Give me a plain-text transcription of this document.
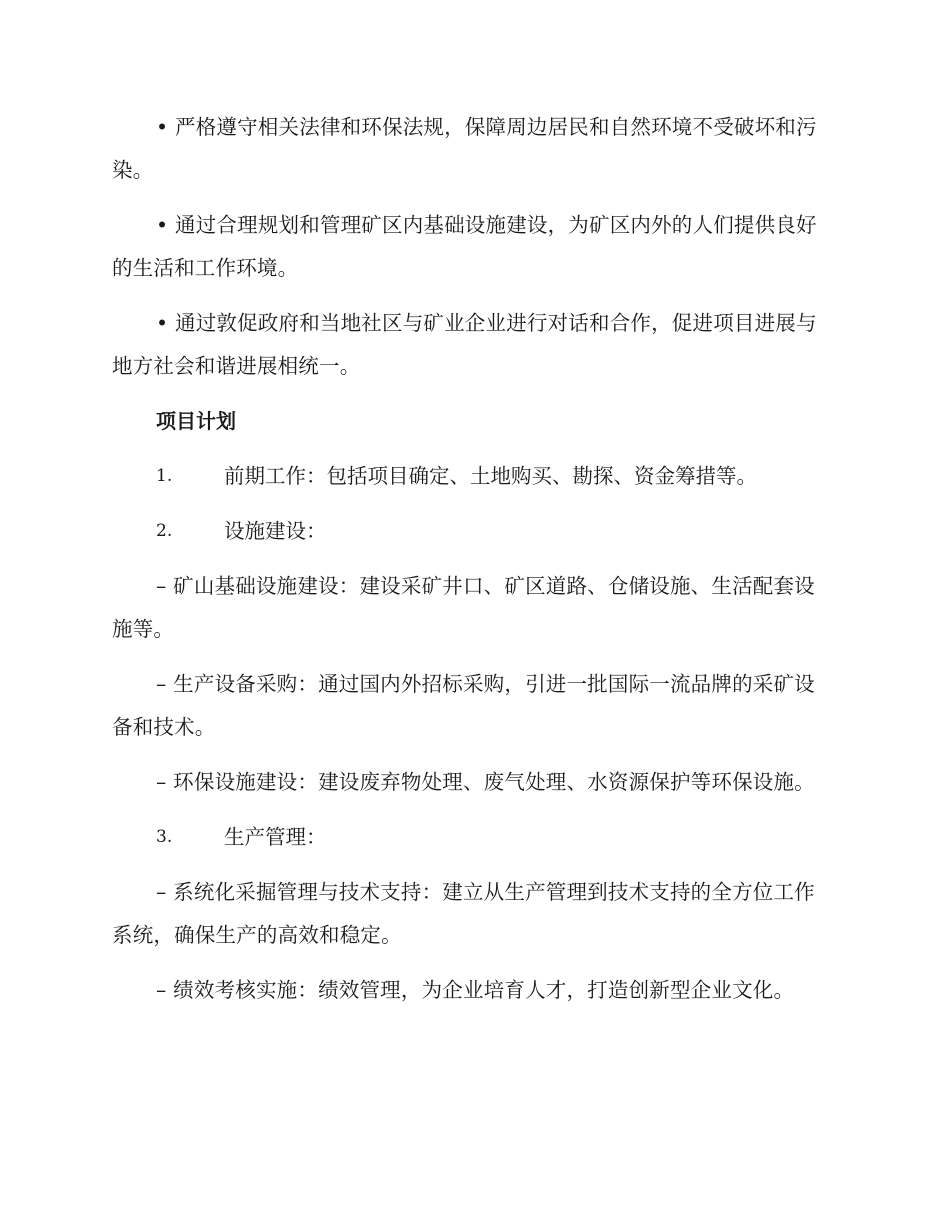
• 严格遵守相关法律和环保法规，保障周边居民和自然环境不受破坏和污染。

• 通过合理规划和管理矿区内基础设施建设，为矿区内外的人们提供良好的生活和工作环境。

• 通过敦促政府和当地社区与矿业企业进行对话和合作，促进项目进展与地方社会和谐进展相统一。

项目计划
1.	前期工作：包括项目确定、土地购买、勘探、资金筹措等。
2.	设施建设：

– 矿山基础设施建设：建设采矿井口、矿区道路、仓储设施、生活配套设施等。

– 生产设备采购：通过国内外招标采购，引进一批国际一流品牌的采矿设备和技术。

– 环保设施建设：建设废弃物处理、废气处理、水资源保护等环保设施。

3.	生产管理：

– 系统化采掘管理与技术支持：建立从生产管理到技术支持的全方位工作系统，确保生产的高效和稳定。

– 绩效考核实施：绩效管理，为企业培育人才，打造创新型企业文化。
